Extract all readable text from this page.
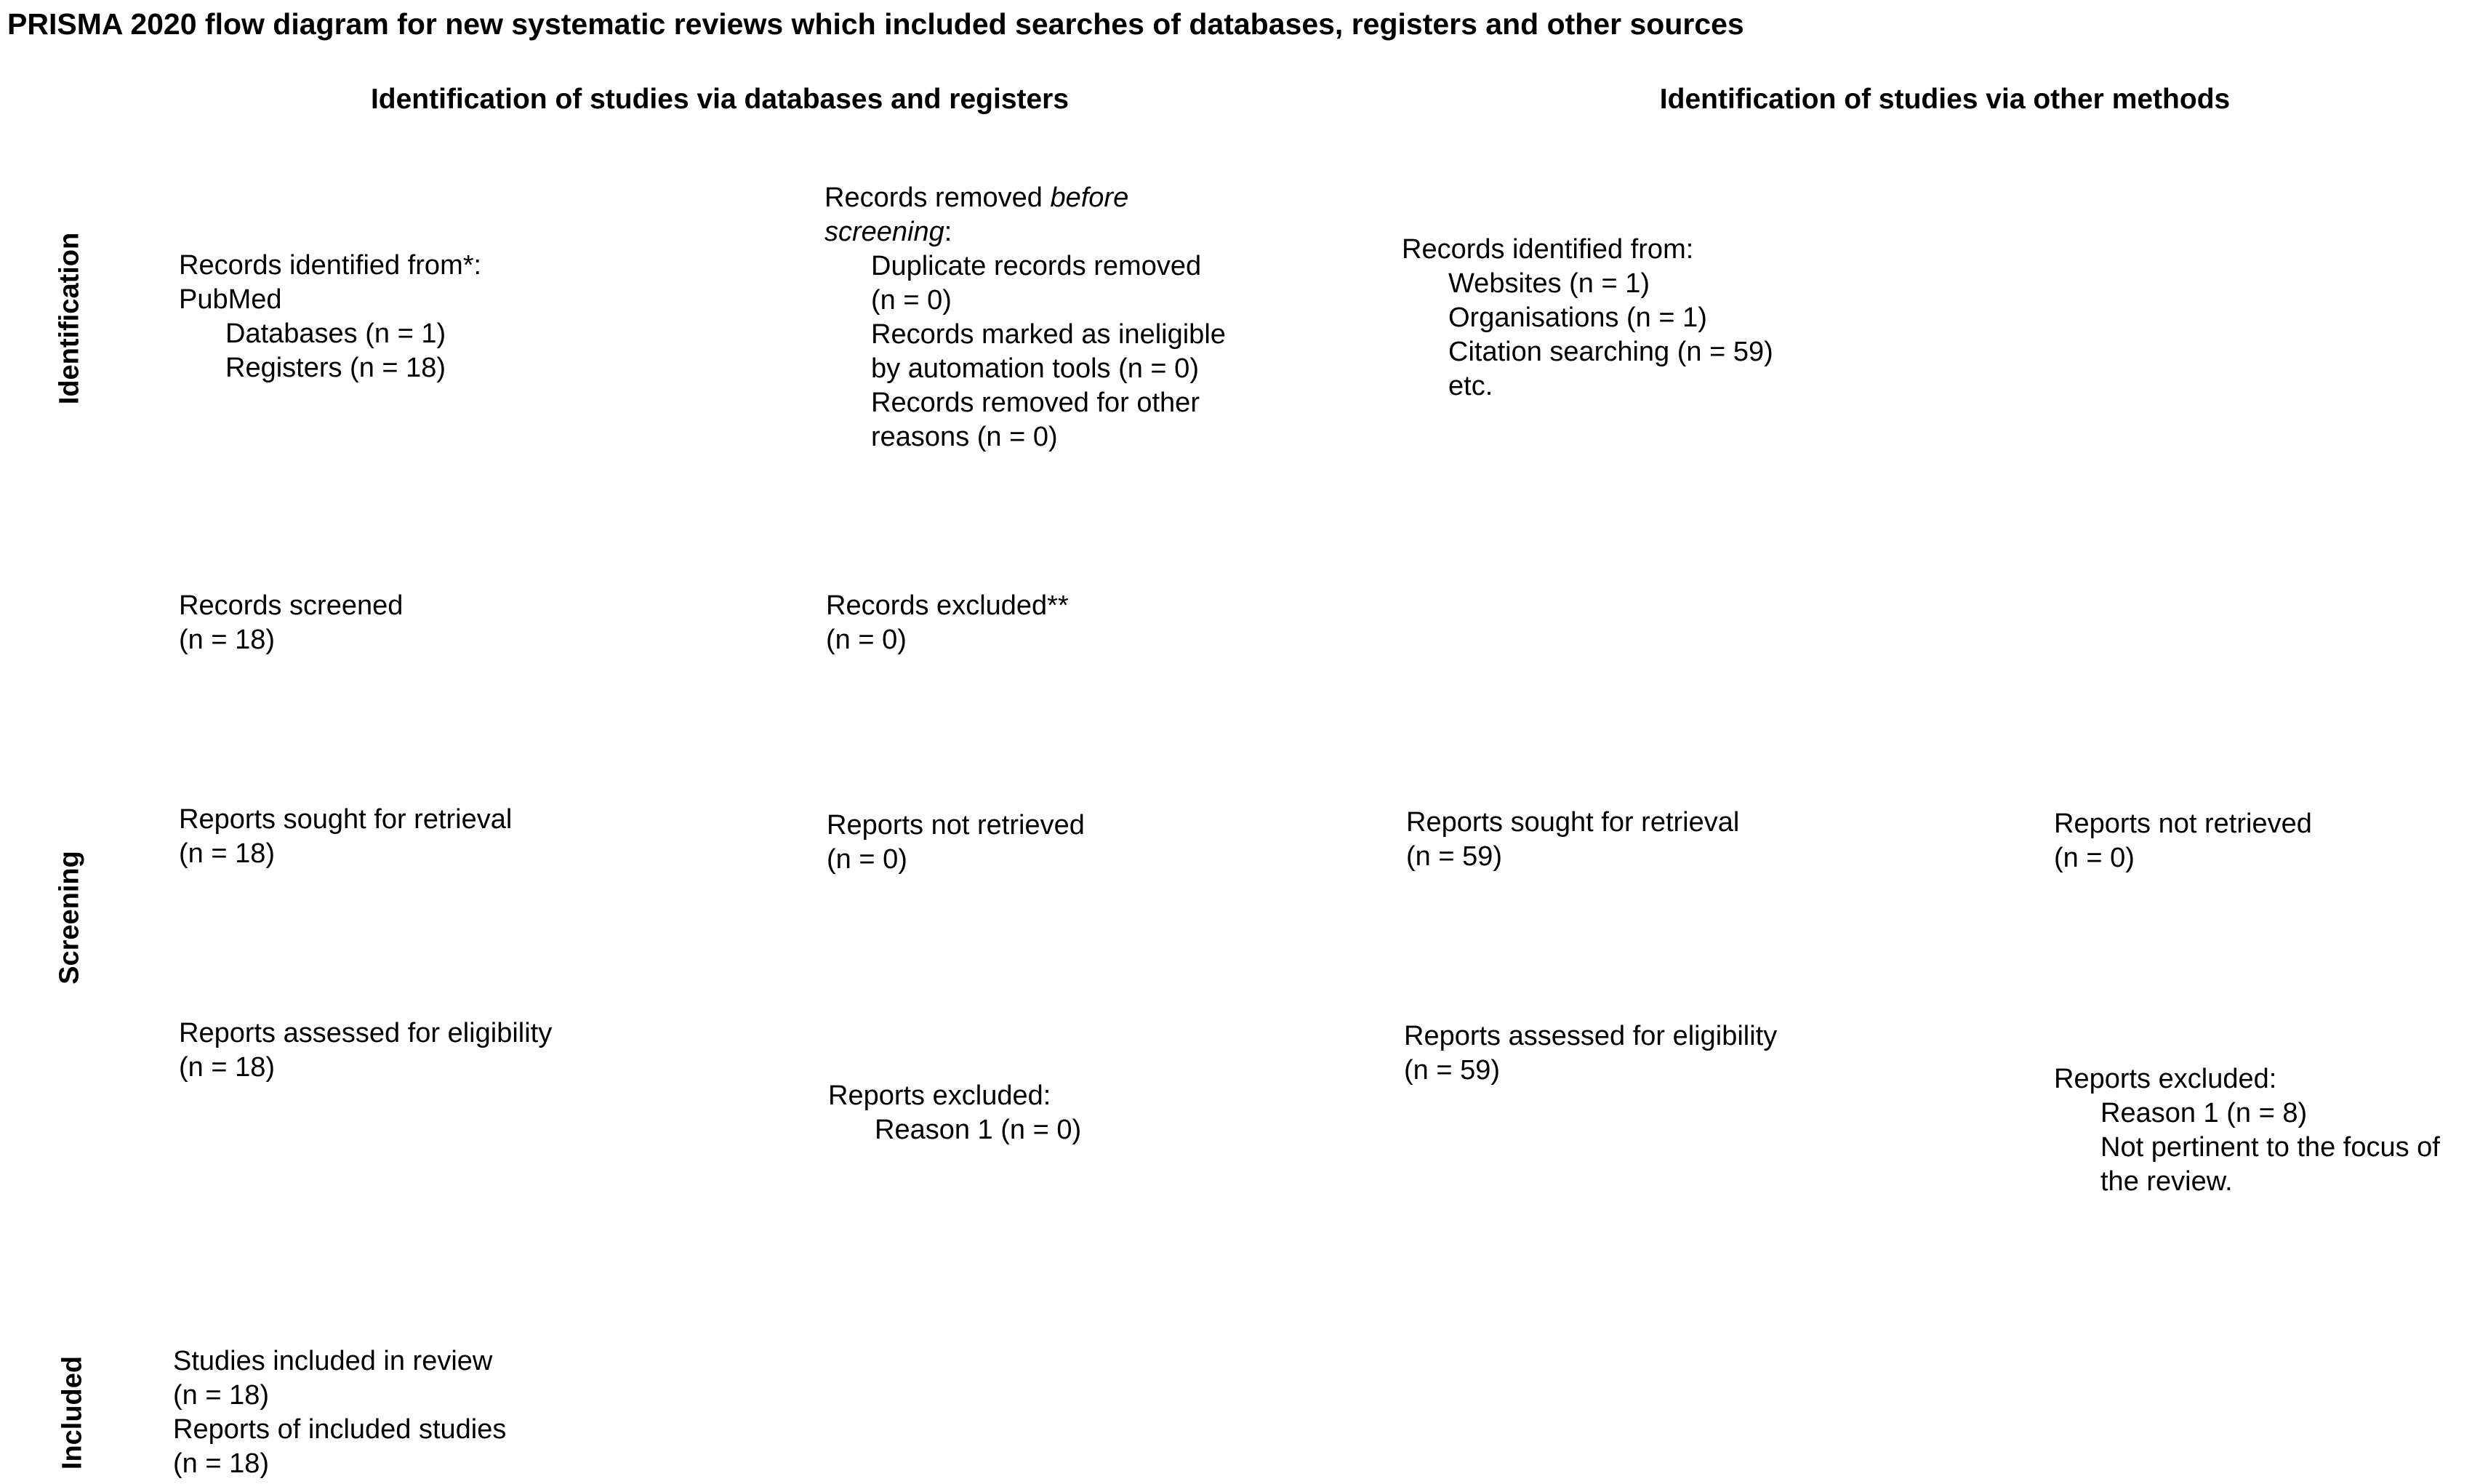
PRISMA 2020 flow diagram for new systematic reviews which included searches of databases, registers and other sources
Identification of studies via databases and registers	Identification of studies via other methods
Identification
Screening
Included
Records identified from*:
PubMed
Databases (n = 1)
Registers (n = 18)
Records removed before
screening:
Duplicate records removed
(n = 0)
Records marked as ineligible
by automation tools (n = 0)
Records removed for other
reasons (n = 0)
Records screened
(n = 18)
Records excluded**
(n = 0)
Reports sought for retrieval
(n = 18)
Reports not retrieved
(n = 0)
Reports assessed for eligibility
(n = 18)
Reports excluded:
Reason 1 (n = 0)
Studies included in review
(n = 18)
Reports of included studies
(n = 18)
Records identified from:
Websites (n = 1)
Organisations (n = 1)
Citation searching (n = 59)
etc.
Reports sought for retrieval
(n = 59)
Reports not retrieved
(n = 0)
Reports assessed for eligibility
(n = 59)	Reports excluded:
Reason 1 (n = 8)
Not pertinent to the focus of
the review.
